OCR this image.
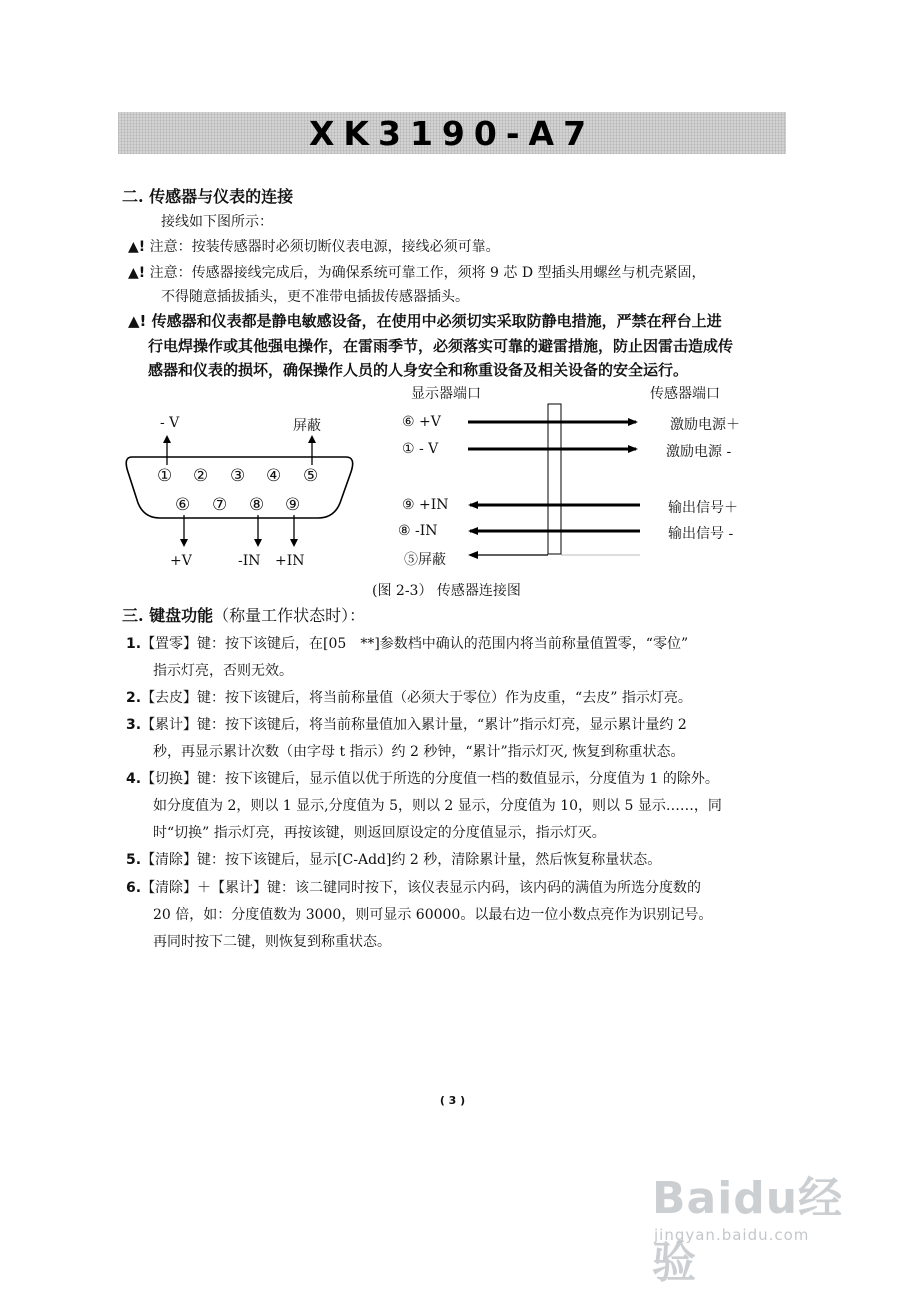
XK3190-A7
二. 传感器与仪表的连接
接线如下图所示：
▲! 注意：按装传感器时必须切断仪表电源，接线必须可靠。
▲! 注意：传感器接线完成后，为确保系统可靠工作，须将 9 芯 D 型插头用螺丝与机壳紧固，
不得随意插拔插头，更不准带电插拔传感器插头。
▲! 传感器和仪表都是静电敏感设备，在使用中必须切实采取防静电措施，严禁在秤台上进
行电焊操作或其他强电操作，在雷雨季节，必须落实可靠的避雷措施，防止因雷击造成传
感器和仪表的损坏，确保操作人员的人身安全和称重设备及相关设备的安全运行。
- V	屏蔽
① ② ③ ④ ⑤
⑥ ⑦ ⑧ ⑨
+V	-IN +IN
显示器端口	传感器端口
⑥ +V
① - V
⑨ +IN
⑧ -IN
⑤屏蔽
激励电源＋
激励电源 -
输出信号＋
输出信号 -
(图 2-3） 传感器连接图
三. 键盘功能（称量工作状态时）：
1.【置零】键：按下该键后，在[05　**]参数档中确认的范围内将当前称量值置零，“零位”
指示灯亮，否则无效。
2.【去皮】键：按下该键后，将当前称量值（必须大于零位）作为皮重，“去皮” 指示灯亮。
3.【累计】键：按下该键后，将当前称量值加入累计量，“累计”指示灯亮，显示累计量约 2
秒，再显示累计次数（由字母 t 指示）约 2 秒钟，“累计”指示灯灭, 恢复到称重状态。
4.【切换】键：按下该键后，显示值以优于所选的分度值一档的数值显示，分度值为 1 的除外。
如分度值为 2，则以 1 显示,分度值为 5，则以 2 显示，分度值为 10，则以 5 显示……，同
时“切换” 指示灯亮，再按该键，则返回原设定的分度值显示，指示灯灭。
5.【清除】键：按下该键后，显示[C-Add]约 2 秒，清除累计量，然后恢复称量状态。
6.【清除】＋【累计】键：该二键同时按下，该仪表显示内码，该内码的满值为所选分度数的
20 倍，如：分度值数为 3000，则可显示 60000。以最右边一位小数点亮作为识别记号。
再同时按下二键，则恢复到称重状态。
( 3 )
Baidu经验
jingyan.baidu.com
